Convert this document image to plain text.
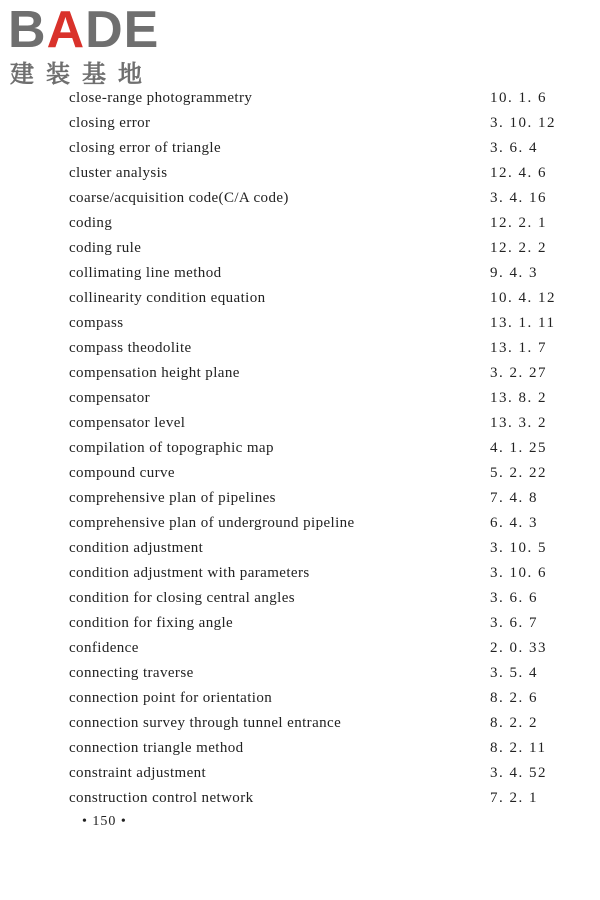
BADE
建装基地
close-range photogrammetry	10. 1. 6
closing error	3. 10. 12
closing error of triangle	3. 6. 4
cluster analysis	12. 4. 6
coarse/acquisition code(C/A code)	3. 4. 16
coding	12. 2. 1
coding rule	12. 2. 2
collimating line method	9. 4. 3
collinearity condition equation	10. 4. 12
compass	13. 1. 11
compass theodolite	13. 1. 7
compensation height plane	3. 2. 27
compensator	13. 8. 2
compensator level	13. 3. 2
compilation of topographic map	4. 1. 25
compound curve	5. 2. 22
comprehensive plan of pipelines	7. 4. 8
comprehensive plan of underground pipeline	6. 4. 3
condition adjustment	3. 10. 5
condition adjustment with parameters	3. 10. 6
condition for closing central angles	3. 6. 6
condition for fixing angle	3. 6. 7
confidence	2. 0. 33
connecting traverse	3. 5. 4
connection point for orientation	8. 2. 6
connection survey through tunnel entrance	8. 2. 2
connection triangle method	8. 2. 11
constraint adjustment	3. 4. 52
construction control network	7. 2. 1
• 150 •
